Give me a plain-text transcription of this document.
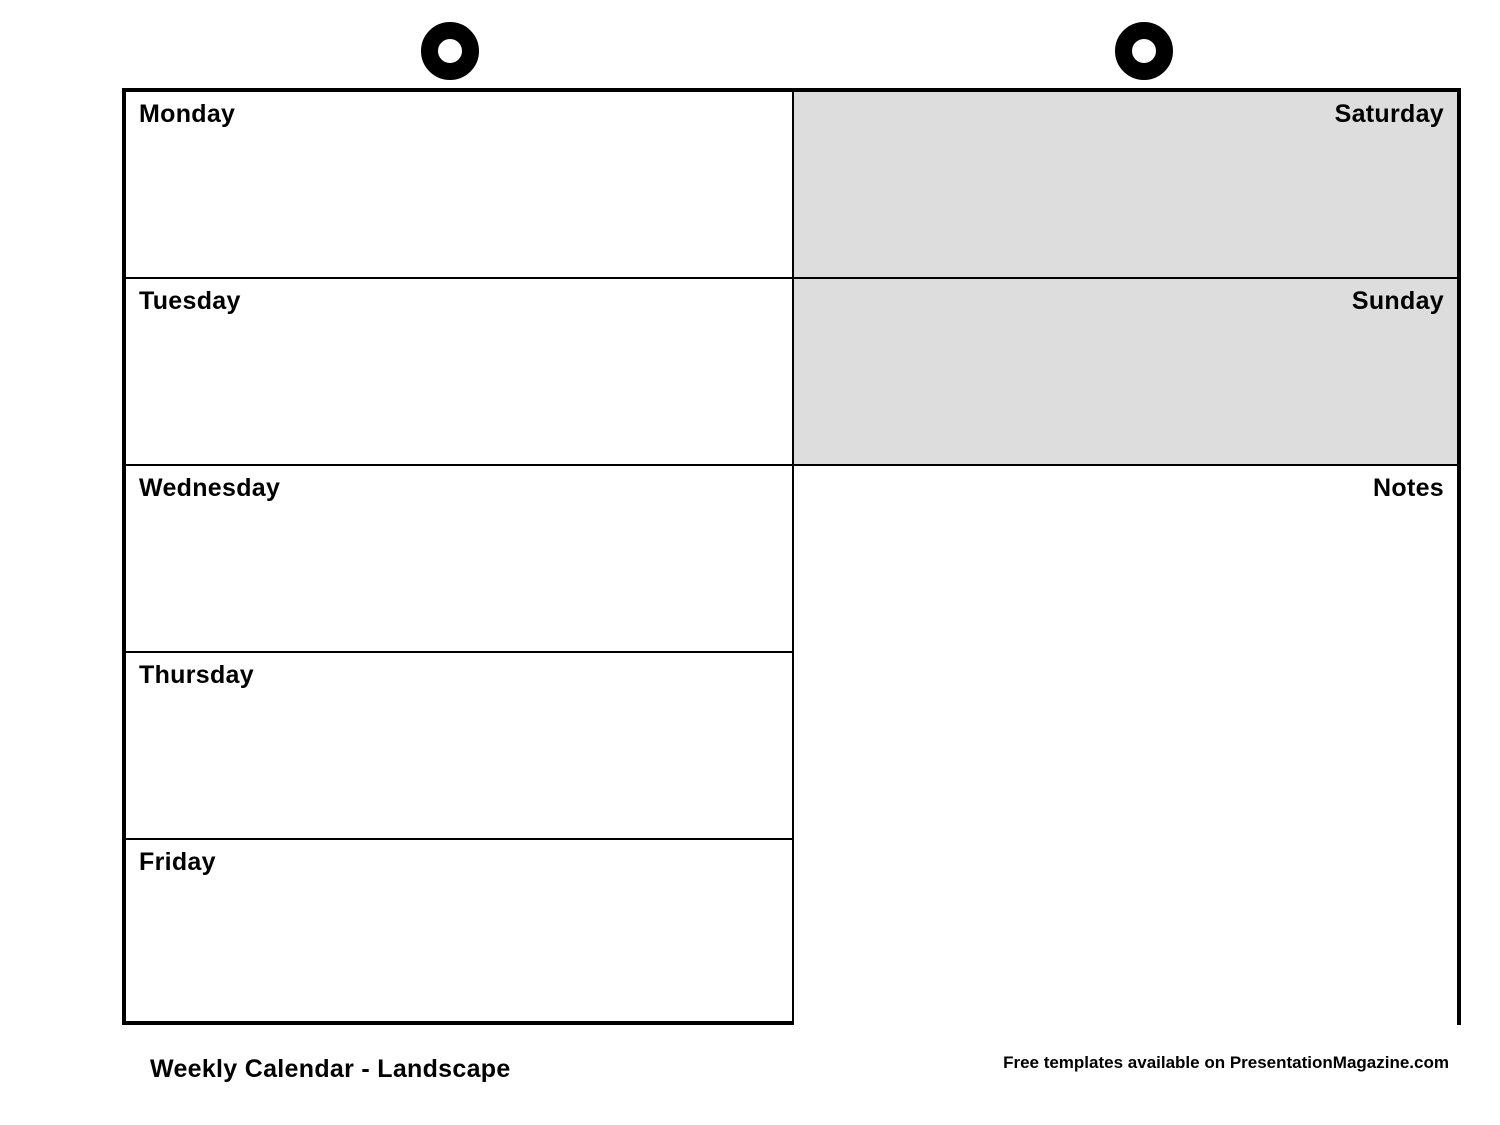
Monday
Tuesday
Wednesday
Thursday
Friday
Saturday
Sunday
Notes
Weekly Calendar - Landscape	Free templates available on PresentationMagazine.com
